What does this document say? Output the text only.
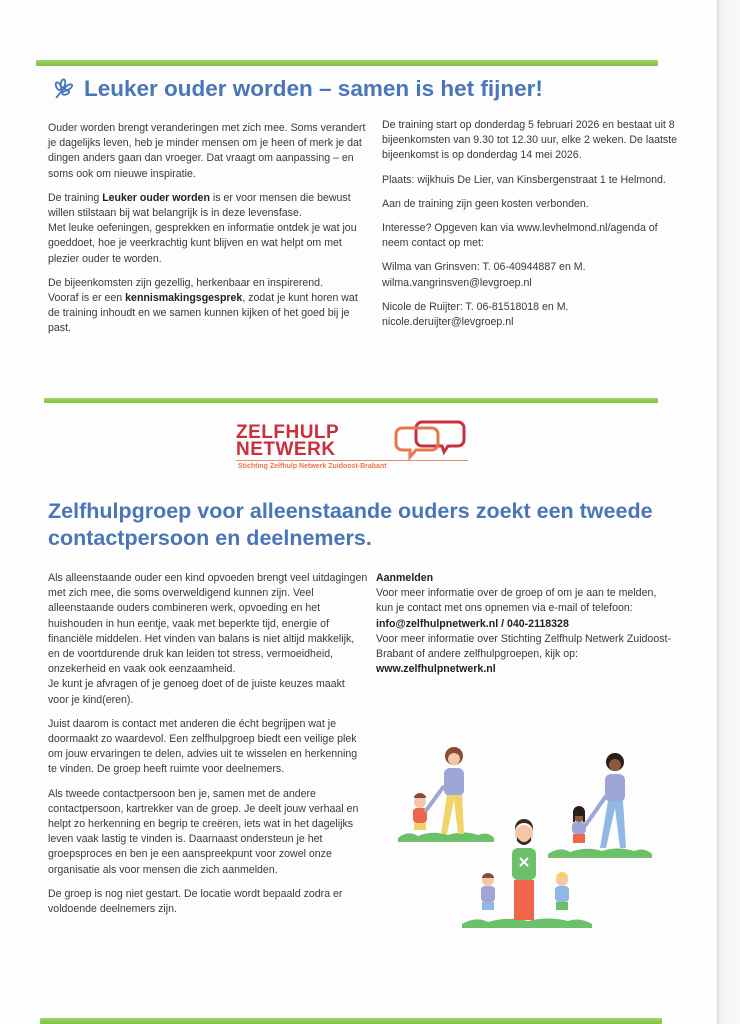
Leuker ouder worden – samen is het fijner!

Ouder worden brengt veranderingen met zich mee. Soms verandert je dagelijks leven, heb je minder mensen om je heen of merk je dat dingen anders gaan dan vroeger. Dat vraagt om aanpassing – en soms ook om nieuwe inspiratie.

De training Leuker ouder worden is er voor mensen die bewust willen stilstaan bij wat belangrijk is in deze levensfase.
Met leuke oefeningen, gesprekken en informatie ontdek je wat jou goeddoet, hoe je veerkrachtig kunt blijven en wat helpt om met plezier ouder te worden.

De bijeenkomsten zijn gezellig, herkenbaar en inspirerend.
Vooraf is er een kennismakingsgesprek, zodat je kunt horen wat de training inhoudt en we samen kunnen kijken of het goed bij je past.

De training start op donderdag 5 februari 2026 en bestaat uit 8 bijeenkomsten van 9.30 tot 12.30 uur, elke 2 weken. De laatste bijeenkomst is op donderdag 14 mei 2026.

Plaats: wijkhuis De Lier, van Kinsbergenstraat 1 te Helmond.

Aan de training zijn geen kosten verbonden.

Interesse? Opgeven kan via www.levhelmond.nl/agenda of neem contact op met:

Wilma van Grinsven: T. 06-40944887 en M. wilma.vangrinsven@levgroep.nl

Nicole de Ruijter: T. 06-81518018 en M. nicole.deruijter@levgroep.nl

ZELFHULP
NETWERK
Stichting Zelfhulp Netwerk Zuidoost-Brabant
Zelfhulpgroep voor alleenstaande ouders zoekt een tweede contactpersoon en deelnemers.

Als alleenstaande ouder een kind opvoeden brengt veel uitdagingen met zich mee, die soms overweldigend kunnen zijn. Veel alleenstaande ouders combineren werk, opvoeding en het huishouden in hun eentje, vaak met beperkte tijd, energie of financiële middelen. Het vinden van balans is niet altijd makkelijk, en de voortdurende druk kan leiden tot stress, vermoeidheid, onzekerheid en vaak ook eenzaamheid.
Je kunt je afvragen of je genoeg doet of de juiste keuzes maakt voor je kind(eren).

Juist daarom is contact met anderen die écht begrijpen wat je doormaakt zo waardevol. Een zelfhulpgroep biedt een veilige plek om jouw ervaringen te delen, advies uit te wisselen en herkenning te vinden. De groep heeft ruimte voor deelnemers.

Als tweede contactpersoon ben je, samen met de andere contactpersoon, kartrekker van de groep. Je deelt jouw verhaal en helpt zo herkenning en begrip te creëren, iets wat in het dagelijks leven vaak lastig te vinden is. Daarnaast ondersteun je het groepsproces en ben je een aanspreekpunt voor zowel onze organisatie als voor mensen die zich aanmelden.

De groep is nog niet gestart. De locatie wordt bepaald zodra er voldoende deelnemers zijn.

Aanmelden
Voor meer informatie over de groep of om je aan te melden, kun je contact met ons opnemen via e-mail of telefoon: info@zelfhulpnetwerk.nl / 040-2118328
Voor meer informatie over Stichting Zelfhulp Netwerk Zuidoost-Brabant of andere zelfhulpgroepen, kijk op:
www.zelfhulpnetwerk.nl
